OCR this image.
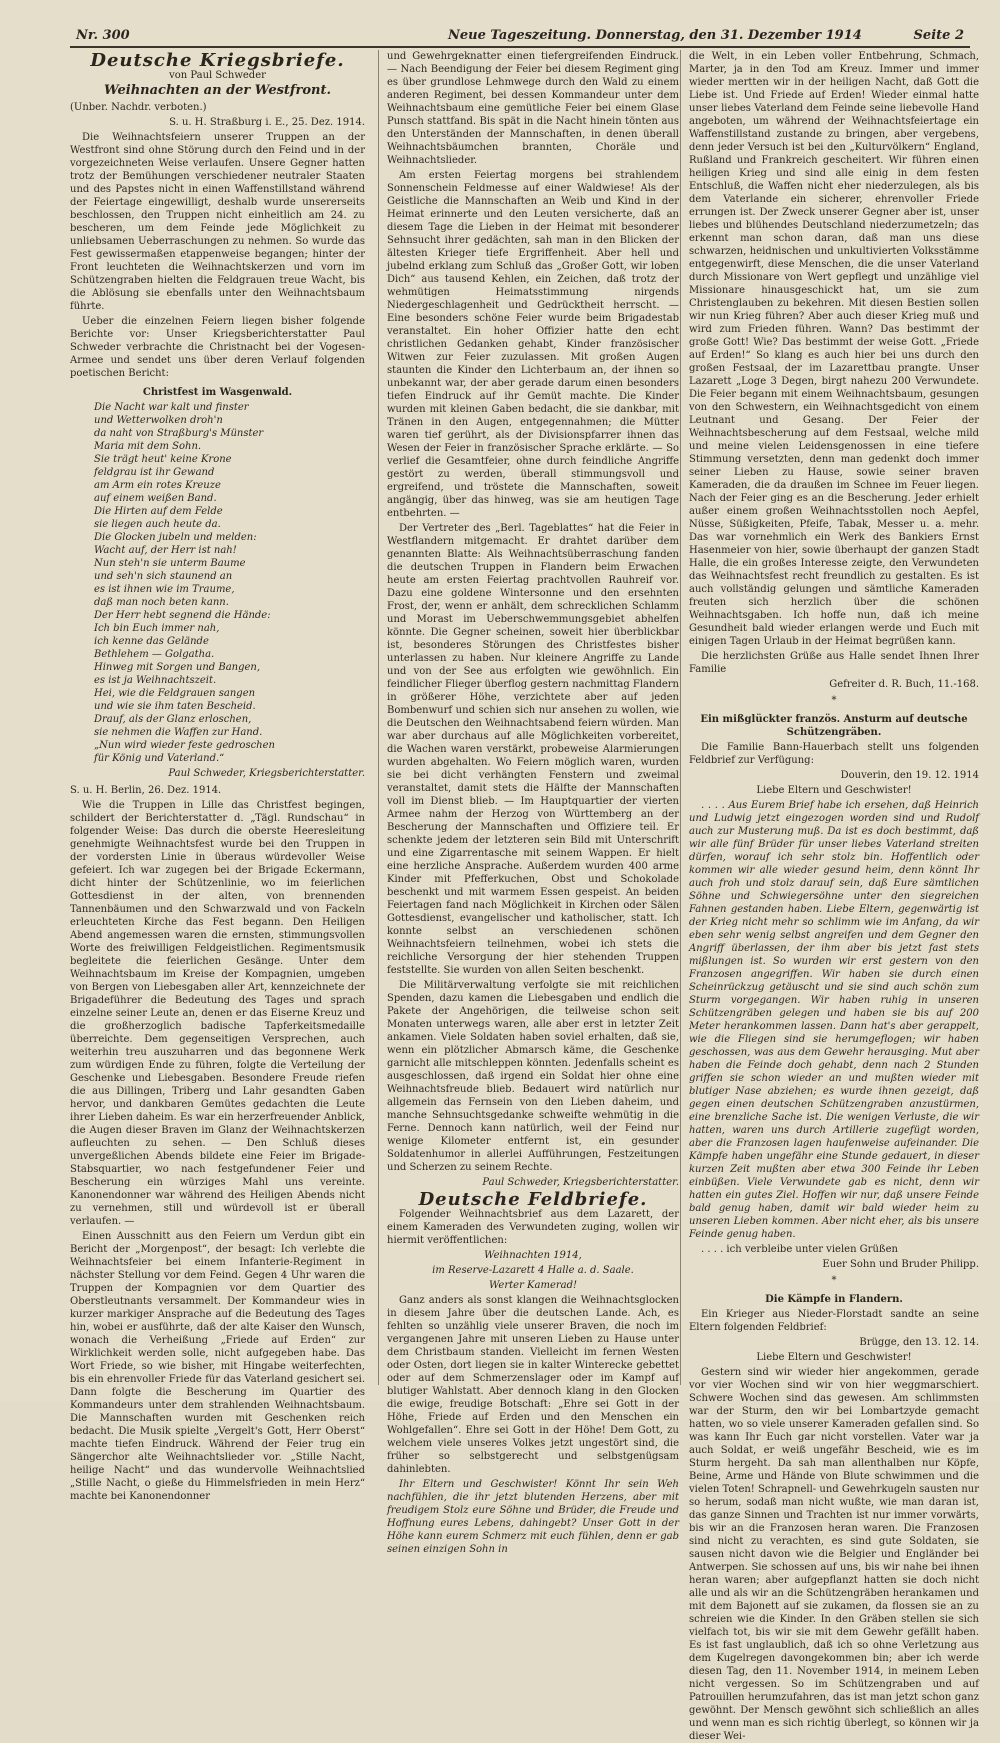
Nr. 300	Neue Tageszeitung. Donnerstag, den 31. Dezember 1914	Seite 2
Deutsche Kriegsbriefe.
von Paul Schweder
Weihnachten an der Westfront.

(Unber. Nachdr. verboten.)

S. u. H. Straßburg i. E., 25. Dez. 1914.

Die Weihnachtsfeiern unserer Truppen an der Westfront sind ohne Störung durch den Feind und in der vorgezeichneten Weise verlaufen. Unsere Gegner hatten trotz der Bemühungen verschiedener neutraler Staaten und des Papstes nicht in einen Waffenstillstand während der Feiertage eingewilligt, deshalb wurde unsererseits beschlossen, den Truppen nicht einheitlich am 24. zu bescheren, um dem Feinde jede Möglichkeit zu unliebsamen Ueberraschungen zu nehmen. So wurde das Fest gewissermaßen etappenweise begangen; hinter der Front leuchteten die Weihnachtskerzen und vorn im Schützengraben hielten die Feldgrauen treue Wacht, bis die Ablösung sie ebenfalls unter den Weihnachtsbaum führte.

Ueber die einzelnen Feiern liegen bisher folgende Berichte vor: Unser Kriegsberichterstatter Paul Schweder verbrachte die Christnacht bei der Vogesen-Armee und sendet uns über deren Verlauf folgenden poetischen Bericht:

Christfest im Wasgenwald.
Die Nacht war kalt und finster
und Wetterwolken droh'n
da naht von Straßburg's Münster
Maria mit dem Sohn.
Sie trägt heut' keine Krone
feldgrau ist ihr Gewand
am Arm ein rotes Kreuze
auf einem weißen Band.
Die Hirten auf dem Felde
sie liegen auch heute da.
Die Glocken jubeln und melden:
Wacht auf, der Herr ist nah!
Nun steh'n sie unterm Baume
und seh'n sich staunend an
es ist ihnen wie im Traume,
daß man noch beten kann.
Der Herr hebt segnend die Hände:
Ich bin Euch immer nah,
ich kenne das Gelände
Bethlehem — Golgatha.
Hinweg mit Sorgen und Bangen,
es ist ja Weihnachtszeit.
Hei, wie die Feldgrauen sangen
und wie sie ihm taten Bescheid.
Drauf, als der Glanz erloschen,
sie nehmen die Waffen zur Hand.
„Nun wird wieder feste gedroschen
für König und Vaterland.“
Paul Schweder, Kriegsberichterstatter.

S. u. H. Berlin, 26. Dez. 1914.

Wie die Truppen in Lille das Christfest begingen, schildert der Berichterstatter d. „Tägl. Rundschau“ in folgender Weise: Das durch die oberste Heeresleitung genehmigte Weihnachtsfest wurde bei den Truppen in der vordersten Linie in überaus würdevoller Weise gefeiert. Ich war zugegen bei der Brigade Eckermann, dicht hinter der Schützenlinie, wo im feierlichen Gottesdienst in der alten, von brennenden Tannenbäumen und den Schwarzwald und von Fackeln erleuchteten Kirche das Fest begann. Den Heiligen Abend angemessen waren die ernsten, stimmungsvollen Worte des freiwilligen Feldgeistlichen. Regimentsmusik begleitete die feierlichen Gesänge. Unter dem Weihnachtsbaum im Kreise der Kompagnien, umgeben von Bergen von Liebesgaben aller Art, kennzeichnete der Brigadeführer die Bedeutung des Tages und sprach einzelne seiner Leute an, denen er das Eiserne Kreuz und die großherzoglich badische Tapferkeitsmedaille überreichte. Dem gegenseitigen Versprechen, auch weiterhin treu auszuharren und das begonnene Werk zum würdigen Ende zu führen, folgte die Verteilung der Geschenke und Liebesgaben. Besondere Freude riefen die aus Dillingen, Triberg und Lahr gesandten Gaben hervor, und dankbaren Gemütes gedachten die Leute ihrer Lieben daheim. Es war ein herzerfreuender Anblick, die Augen dieser Braven im Glanz der Weihnachtskerzen aufleuchten zu sehen. — Den Schluß dieses unvergeßlichen Abends bildete eine Feier im Brigade-Stabsquartier, wo nach festgefundener Feier und Bescherung ein würziges Mahl uns vereinte. Kanonendonner war während des Heiligen Abends nicht zu vernehmen, still und würdevoll ist er überall verlaufen. —

Einen Ausschnitt aus den Feiern um Verdun gibt ein Bericht der „Morgenpost“, der besagt: Ich verlebte die Weihnachtsfeier bei einem Infanterie-Regiment in nächster Stellung vor dem Feind. Gegen 4 Uhr waren die Truppen der Kompagnien vor dem Quartier des Oberstleutnants versammelt. Der Kommandeur wies in kurzer markiger Ansprache auf die Bedeutung des Tages hin, wobei er ausführte, daß der alte Kaiser den Wunsch, wonach die Verheißung „Friede auf Erden“ zur Wirklichkeit werden solle, nicht aufgegeben habe. Das Wort Friede, so wie bisher, mit Hingabe weiterfechten, bis ein ehrenvoller Friede für das Vaterland gesichert sei. Dann folgte die Bescherung im Quartier des Kommandeurs unter dem strahlenden Weihnachtsbaum. Die Mannschaften wurden mit Geschenken reich bedacht. Die Musik spielte „Vergelt's Gott, Herr Oberst“ machte tiefen Eindruck. Während der Feier trug ein Sängerchor alte Weihnachtslieder vor. „Stille Nacht, heilige Nacht“ und das wundervolle Weihnachtslied „Stille Nacht, o gieße du Himmelsfrieden in mein Herz“ machte bei Kanonendonner

und Gewehrgeknatter einen tiefergreifenden Eindruck. — Nach Beendigung der Feier bei diesem Regiment ging es über grundlose Lehmwege durch den Wald zu einem anderen Regiment, bei dessen Kommandeur unter dem Weihnachtsbaum eine gemütliche Feier bei einem Glase Punsch stattfand. Bis spät in die Nacht hinein tönten aus den Unterständen der Mannschaften, in denen überall Weihnachtsbäumchen brannten, Choräle und Weihnachtslieder.

Am ersten Feiertag morgens bei strahlendem Sonnenschein Feldmesse auf einer Waldwiese! Als der Geistliche die Mannschaften an Weib und Kind in der Heimat erinnerte und den Leuten versicherte, daß an diesem Tage die Lieben in der Heimat mit besonderer Sehnsucht ihrer gedächten, sah man in den Blicken der ältesten Krieger tiefe Ergriffenheit. Aber hell und jubelnd erklang zum Schluß das „Großer Gott, wir loben Dich“ aus tausend Kehlen, ein Zeichen, daß trotz der wehmütigen Heimatsstimmung nirgends Niedergeschlagenheit und Gedrücktheit herrscht. — Eine besonders schöne Feier wurde beim Brigadestab veranstaltet. Ein hoher Offizier hatte den echt christlichen Gedanken gehabt, Kinder französischer Witwen zur Feier zuzulassen. Mit großen Augen staunten die Kinder den Lichterbaum an, der ihnen so unbekannt war, der aber gerade darum einen besonders tiefen Eindruck auf ihr Gemüt machte. Die Kinder wurden mit kleinen Gaben bedacht, die sie dankbar, mit Tränen in den Augen, entgegennahmen; die Mütter waren tief gerührt, als der Divisionspfarrer ihnen das Wesen der Feier in französischer Sprache erklärte. — So verlief die Gesamtfeier, ohne durch feindliche Angriffe gestört zu werden, überall stimmungsvoll und ergreifend, und tröstete die Mannschaften, soweit angängig, über das hinweg, was sie am heutigen Tage entbehrten. —

Der Vertreter des „Berl. Tageblattes“ hat die Feier in Westflandern mitgemacht. Er drahtet darüber dem genannten Blatte: Als Weihnachtsüberraschung fanden die deutschen Truppen in Flandern beim Erwachen heute am ersten Feiertag prachtvollen Rauhreif vor. Dazu eine goldene Wintersonne und den ersehnten Frost, der, wenn er anhält, dem schrecklichen Schlamm und Morast im Ueberschwemmungsgebiet abhelfen könnte. Die Gegner scheinen, soweit hier überblickbar ist, besonderes Störungen des Christfestes bisher unterlassen zu haben. Nur kleinere Angriffe zu Lande und von der See aus erfolgten wie gewöhnlich. Ein feindlicher Flieger überflog gestern nachmittag Flandern in größerer Höhe, verzichtete aber auf jeden Bombenwurf und schien sich nur ansehen zu wollen, wie die Deutschen den Weihnachtsabend feiern würden. Man war aber durchaus auf alle Möglichkeiten vorbereitet, die Wachen waren verstärkt, probeweise Alarmierungen wurden abgehalten. Wo Feiern möglich waren, wurden sie bei dicht verhängten Fenstern und zweimal veranstaltet, damit stets die Hälfte der Mannschaften voll im Dienst blieb. — Im Hauptquartier der vierten Armee nahm der Herzog von Württemberg an der Bescherung der Mannschaften und Offiziere teil. Er schenkte jedem der letzteren sein Bild mit Unterschrift und eine Zigarrentasche mit seinem Wappen. Er hielt eine herzliche Ansprache. Außerdem wurden 400 arme Kinder mit Pfefferkuchen, Obst und Schokolade beschenkt und mit warmem Essen gespeist. An beiden Feiertagen fand nach Möglichkeit in Kirchen oder Sälen Gottesdienst, evangelischer und katholischer, statt. Ich konnte selbst an verschiedenen schönen Weihnachtsfeiern teilnehmen, wobei ich stets die reichliche Versorgung der hier stehenden Truppen feststellte. Sie wurden von allen Seiten beschenkt.

Die Militärverwaltung verfolgte sie mit reichlichen Spenden, dazu kamen die Liebesgaben und endlich die Pakete der Angehörigen, die teilweise schon seit Monaten unterwegs waren, alle aber erst in letzter Zeit ankamen. Viele Soldaten haben soviel erhalten, daß sie, wenn ein plötzlicher Abmarsch käme, die Geschenke garnicht alle mitschleppen könnten. Jedenfalls scheint es ausgeschlossen, daß irgend ein Soldat hier ohne eine Weihnachtsfreude blieb. Bedauert wird natürlich nur allgemein das Fernsein von den Lieben daheim, und manche Sehnsuchtsgedanke schweifte wehmütig in die Ferne. Dennoch kann natürlich, weil der Feind nur wenige Kilometer entfernt ist, ein gesunder Soldatenhumor in allerlei Aufführungen, Festzeitungen und Scherzen zu seinem Rechte.

Paul Schweder, Kriegsberichterstatter.
Deutsche Feldbriefe.

Folgender Weihnachtsbrief aus dem Lazarett, der einem Kameraden des Verwundeten zuging, wollen wir hiermit veröffentlichen:

Weihnachten 1914,

im Reserve-Lazarett 4 Halle a. d. Saale.

Werter Kamerad!

Ganz anders als sonst klangen die Weihnachtsglocken in diesem Jahre über die deutschen Lande. Ach, es fehlten so unzählig viele unserer Braven, die noch im vergangenen Jahre mit unseren Lieben zu Hause unter dem Christbaum standen. Vielleicht im fernen Westen oder Osten, dort liegen sie in kalter Winterecke gebettet oder auf dem Schmerzenslager oder im Kampf auf blutiger Wahlstatt. Aber dennoch klang in den Glocken die ewige, freudige Botschaft: „Ehre sei Gott in der Höhe, Friede auf Erden und den Menschen ein Wohlgefallen“. Ehre sei Gott in der Höhe! Dem Gott, zu welchem viele unseres Volkes jetzt ungestört sind, die früher so selbstgerecht und selbstgenügsam dahinlebten.

Ihr Eltern und Geschwister! Könnt Ihr sein Weh nachfühlen, die ihr jetzt blutenden Herzens, aber mit freudigem Stolz eure Söhne und Brüder, die Freude und Hoffnung eures Lebens, dahingebt? Unser Gott in der Höhe kann eurem Schmerz mit euch fühlen, denn er gab seinen einzigen Sohn in

die Welt, in ein Leben voller Entbehrung, Schmach, Marter, ja in den Tod am Kreuz. Immer und immer wieder mertten wir in der heiligen Nacht, daß Gott die Liebe ist. Und Friede auf Erden! Wieder einmal hatte unser liebes Vaterland dem Feinde seine liebevolle Hand angeboten, um während der Weihnachtsfeiertage ein Waffenstillstand zustande zu bringen, aber vergebens, denn jeder Versuch ist bei den „Kulturvölkern“ England, Rußland und Frankreich gescheitert. Wir führen einen heiligen Krieg und sind alle einig in dem festen Entschluß, die Waffen nicht eher niederzulegen, als bis dem Vaterlande ein sicherer, ehrenvoller Friede errungen ist. Der Zweck unserer Gegner aber ist, unser liebes und blühendes Deutschland niederzumetzeln; das erkennt man schon daran, daß man uns diese schwarzen, heidnischen und unkultivierten Volksstämme entgegenwirft, diese Menschen, die die unser Vaterland durch Missionare von Wert gepflegt und unzählige viel Missionare hinausgeschickt hat, um sie zum Christenglauben zu bekehren. Mit diesen Bestien sollen wir nun Krieg führen? Aber auch dieser Krieg muß und wird zum Frieden führen. Wann? Das bestimmt der große Gott! Wie? Das bestimmt der weise Gott. „Friede auf Erden!“ So klang es auch hier bei uns durch den großen Festsaal, der im Lazarettbau prangte. Unser Lazarett „Loge 3 Degen, birgt nahezu 200 Verwundete. Die Feier begann mit einem Weihnachtsbaum, gesungen von den Schwestern, ein Weihnachtsgedicht von einem Leutnant und Gesang. Der Feier der Weihnachtsbescherung auf dem Festsaal, welche mild und meine vielen Leidensgenossen in eine tiefere Stimmung versetzten, denn man gedenkt doch immer seiner Lieben zu Hause, sowie seiner braven Kameraden, die da draußen im Schnee im Feuer liegen. Nach der Feier ging es an die Bescherung. Jeder erhielt außer einem großen Weihnachtsstollen noch Aepfel, Nüsse, Süßigkeiten, Pfeife, Tabak, Messer u. a. mehr. Das war vornehmlich ein Werk des Bankiers Ernst Hasenmeier von hier, sowie überhaupt der ganzen Stadt Halle, die ein großes Interesse zeigte, den Verwundeten das Weihnachtsfest recht freundlich zu gestalten. Es ist auch vollständig gelungen und sämtliche Kameraden freuten sich herzlich über die schönen Weihnachtsgaben. Ich hoffe nun, daß ich meine Gesundheit bald wieder erlangen werde und Euch mit einigen Tagen Urlaub in der Heimat begrüßen kann.

Die herzlichsten Grüße aus Halle sendet Ihnen Ihrer Familie

Gefreiter d. R. Buch, 11.-168.

*
Ein mißglückter französ. Ansturm auf deutsche Schützengräben.

Die Familie Bann-Hauerbach stellt uns folgenden Feldbrief zur Verfügung:

Douverin, den 19. 12. 1914

Liebe Eltern und Geschwister!

. . . . Aus Eurem Brief habe ich ersehen, daß Heinrich und Ludwig jetzt eingezogen worden sind und Rudolf auch zur Musterung muß. Da ist es doch bestimmt, daß wir alle fünf Brüder für unser liebes Vaterland streiten dürfen, worauf ich sehr stolz bin. Hoffentlich oder kommen wir alle wieder gesund heim, denn könnt Ihr auch froh und stolz darauf sein, daß Eure sämtlichen Söhne und Schwiegersöhne unter den siegreichen Fahnen gestanden haben. Liebe Eltern, gegenwärtig ist der Krieg nicht mehr so schlimm wie im Anfang, da wir eben sehr wenig selbst angreifen und dem Gegner den Angriff überlassen, der ihm aber bis jetzt fast stets mißlungen ist. So wurden wir erst gestern von den Franzosen angegriffen. Wir haben sie durch einen Scheinrückzug getäuscht und sie sind auch schön zum Sturm vorgegangen. Wir haben ruhig in unseren Schützengräben gelegen und haben sie bis auf 200 Meter herankommen lassen. Dann hat's aber gerappelt, wie die Fliegen sind sie herumgeflogen; wir haben geschossen, was aus dem Gewehr herausging. Mut aber haben die Feinde doch gehabt, denn nach 2 Stunden griffen sie schon wieder an und mußten wieder mit blutiger Nase abziehen; es wurde ihnen gezeigt, daß gegen einen deutschen Schützengraben anzustürmen, eine brenzliche Sache ist. Die wenigen Verluste, die wir hatten, waren uns durch Artillerie zugefügt worden, aber die Franzosen lagen haufenweise aufeinander. Die Kämpfe haben ungefähr eine Stunde gedauert, in dieser kurzen Zeit mußten aber etwa 300 Feinde ihr Leben einbüßen. Viele Verwundete gab es nicht, denn wir hatten ein gutes Ziel. Hoffen wir nur, daß unsere Feinde bald genug haben, damit wir bald wieder heim zu unseren Lieben kommen. Aber nicht eher, als bis unsere Feinde genug haben.

. . . . ich verbleibe unter vielen Grüßen

Euer Sohn und Bruder Philipp.

*
Die Kämpfe in Flandern.

Ein Krieger aus Nieder-Florstadt sandte an seine Eltern folgenden Feldbrief:

Brügge, den 13. 12. 14.

Liebe Eltern und Geschwister!

Gestern sind wir wieder hier angekommen, gerade vor vier Wochen sind wir von hier weggmarschiert. Schwere Wochen sind das gewesen. Am schlimmsten war der Sturm, den wir bei Lombartzyde gemacht hatten, wo so viele unserer Kameraden gefallen sind. So was kann Ihr Euch gar nicht vorstellen. Vater war ja auch Soldat, er weiß ungefähr Bescheid, wie es im Sturm hergeht. Da sah man allenthalben nur Köpfe, Beine, Arme und Hände von Blute schwimmen und die vielen Toten! Schrapnell- und Gewehrkugeln sausten nur so herum, sodaß man nicht wußte, wie man daran ist, das ganze Sinnen und Trachten ist nur immer vorwärts, bis wir an die Franzosen heran waren. Die Franzosen sind nicht zu verachten, es sind gute Soldaten, sie sausen nicht davon wie die Belgier und Engländer bei Antwerpen. Sie schossen auf uns, bis wir nahe bei ihnen heran waren; aber aufgepflanzt hatten sie doch nicht alle und als wir an die Schützengräben herankamen und mit dem Bajonett auf sie zukamen, da flossen sie an zu schreien wie die Kinder. In den Gräben stellen sie sich vielfach tot, bis wir sie mit dem Gewehr gefällt haben. Es ist fast unglaublich, daß ich so ohne Verletzung aus dem Kugelregen davongekommen bin; aber ich werde diesen Tag, den 11. November 1914, in meinem Leben nicht vergessen. So im Schützengraben und auf Patrouillen herumzufahren, das ist man jetzt schon ganz gewöhnt. Der Mensch gewöhnt sich schließlich an alles und wenn man es sich richtig überlegt, so können wir ja dieser Wei-
